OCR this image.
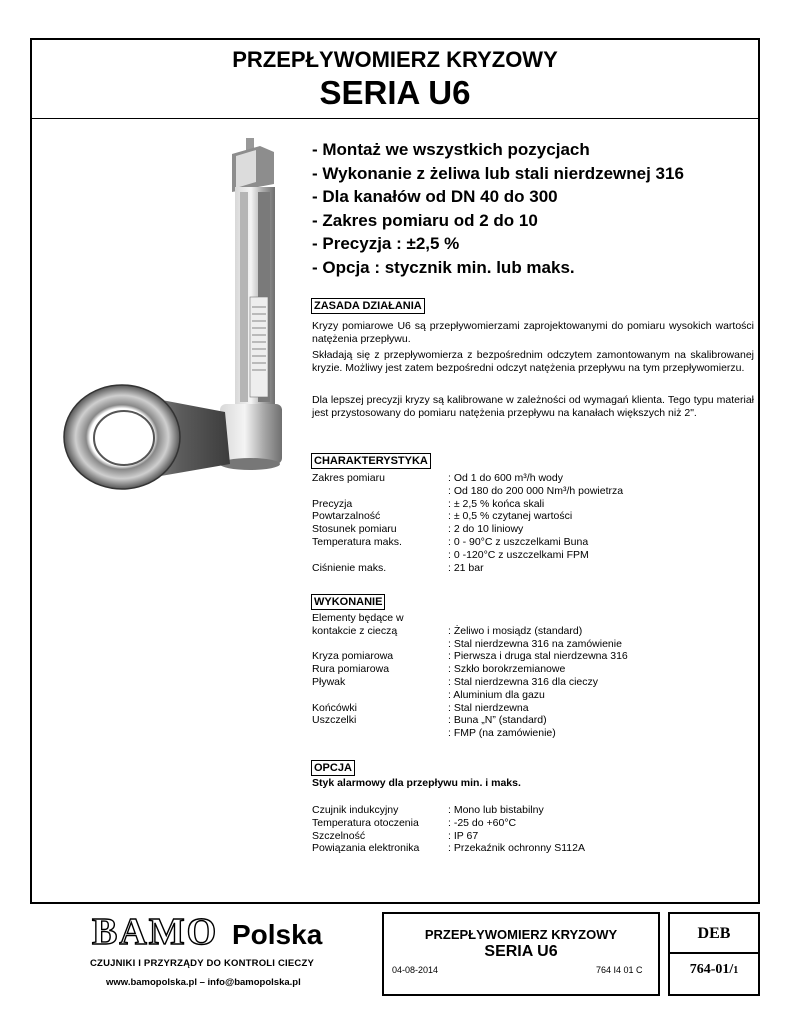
PRZEPŁYWOMIERZ KRYZOWY
SERIA U6
- Montaż we wszystkich pozycjach
- Wykonanie z żeliwa lub stali nierdzewnej 316
- Dla kanałów od DN 40 do 300
- Zakres pomiaru od 2 do 10
- Precyzja : ±2,5 %
- Opcja : stycznik min. lub maks.
ZASADA DZIAŁANIA
Kryzy pomiarowe U6 są przepływomierzami zaprojektowanymi do pomiaru wysokich wartości natężenia przepływu.
Składają się z przepływomierza z bezpośrednim odczytem zamontowanym na skalibrowanej kryzie. Możliwy jest zatem bezpośredni odczyt natężenia przepływu na tym przepływomierzu.
Dla lepszej precyzji kryzy są kalibrowane w zależności od wymagań klienta. Tego typu materiał jest przystosowany do pomiaru natężenia przepływu na kanałach większych niż 2".
CHARAKTERYSTYKA
Zakres pomiaru	: Od 1 do 600 m³/h wody
: Od 180 do 200 000 Nm³/h powietrza
Precyzja	: ± 2,5 % końca skali
Powtarzalność	: ± 0,5 % czytanej wartości
Stosunek pomiaru	: 2 do 10 liniowy
Temperatura maks.	: 0 - 90°C z uszczelkami Buna
: 0 -120°C z uszczelkami FPM
Ciśnienie maks.	: 21 bar
WYKONANIE
Elementy będące w
kontakcie z cieczą	: Żeliwo i mosiądz (standard)
: Stal nierdzewna 316 na zamówienie
Kryza pomiarowa	: Pierwsza i druga stal nierdzewna 316
Rura pomiarowa	: Szkło borokrzemianowe
Pływak	: Stal nierdzewna 316 dla cieczy
: Aluminium dla gazu
Końcówki	: Stal nierdzewna
Uszczelki	: Buna „N” (standard)
: FMP (na zamówienie)
OPCJA
Styk alarmowy dla przepływu min. i maks.
Czujnik indukcyjny	: Mono lub bistabilny
Temperatura otoczenia	: -25 do +60°C
Szczelność	: IP 67
Powiązania elektronika	: Przekaźnik ochronny S112A
BAMO Polska
CZUJNIKI I PRZYRZĄDY DO KONTROLI CIECZY
www.bamopolska.pl – info@bamopolska.pl
PRZEPŁYWOMIERZ KRYZOWY
SERIA U6
04-08-2014	764 I4 01 C
DEB
764-01/1
